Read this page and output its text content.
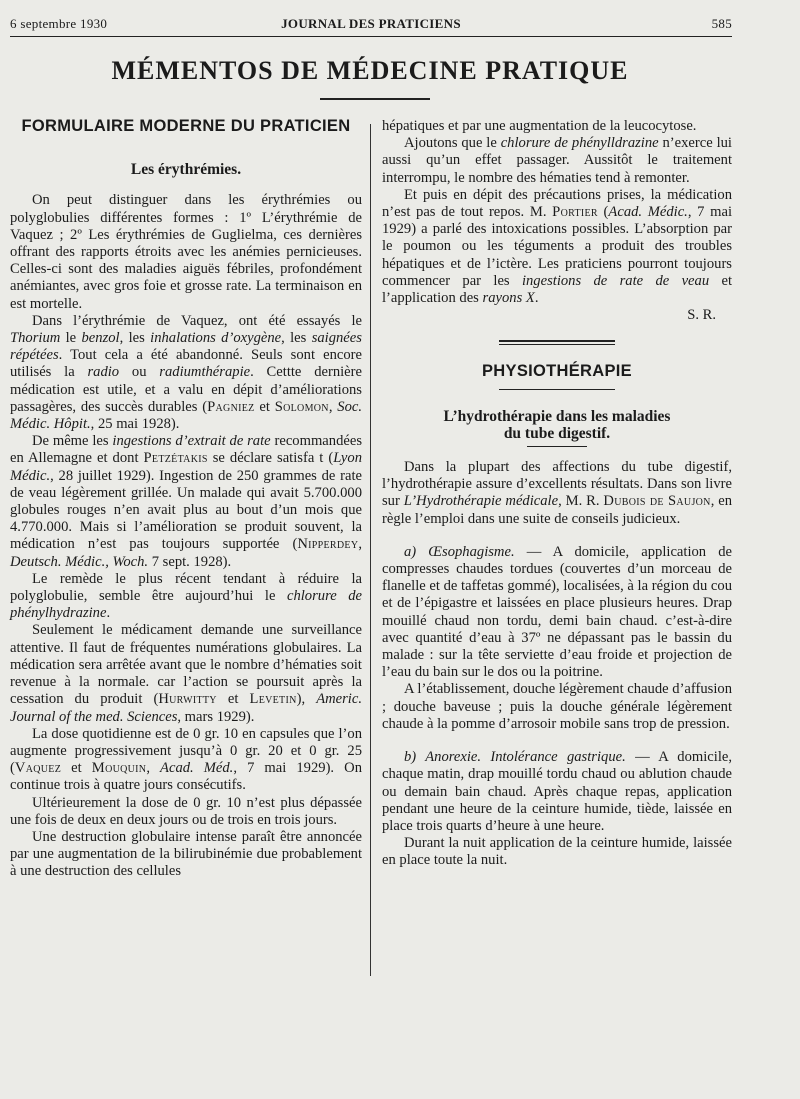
6 septembre 1930	JOURNAL DES PRATICIENS	585
MÉMENTOS DE MÉDECINE PRATIQUE
FORMULAIRE MODERNE DU PRATICIEN
Les érythrémies.

On peut distinguer dans les érythrémies ou polyglobulies différentes formes : 1º L’érythrémie de Vaquez ; 2º Les érythrémies de Guglielma, ces dernières offrant des rapports étroits avec les anémies pernicieuses. Celles-ci sont des maladies aiguës fébriles, profondément anémiantes, avec gros foie et grosse rate. La terminaison en est mortelle.

Dans l’érythrémie de Vaquez, ont été essayés le Thorium le benzol, les inhalations d’oxygène, les saignées répétées. Tout cela a été abandonné. Seuls sont encore utilisés la radio ou radiumthérapie. Cettte dernière médication est utile, et a valu en dépit d’améliorations passagères, des succès durables (Pagniez et Solomon, Soc. Médic. Hôpit., 25 mai 1928).

De même les ingestions d’extrait de rate recommandées en Allemagne et dont Petzétakis se déclare satisfa t (Lyon Médic., 28 juillet 1929). Ingestion de 250 grammes de rate de veau légèrement grillée. Un malade qui avait 5.700.000 globules rouges n’en avait plus au bout d’un mois que 4.770.000. Mais si l’amélioration se produit souvent, la médication n’est pas toujours supportée (Nipperdey, Deutsch. Médic., Woch. 7 sept. 1928).

Le remède le plus récent tendant à réduire la polyglobulie, semble être aujourd’hui le chlorure de phénylhydrazine.

Seulement le médicament demande une surveillance attentive. Il faut de fréquentes numérations globulaires. La médication sera arrêtée avant que le nombre d’hématies soit revenue à la normale. car l’action se poursuit après la cessation du produit (Hurwitty et Levetin), Americ. Journal of the med. Sciences, mars 1929).

La dose quotidienne est de 0 gr. 10 en capsules que l’on augmente progressivement jusqu’à 0 gr. 20 et 0 gr. 25 (Vaquez et Mouquin, Acad. Méd., 7 mai 1929). On continue trois à quatre jours consécutifs.

Ultérieurement la dose de 0 gr. 10 n’est plus dépassée une fois de deux en deux jours ou de trois en trois jours.

Une destruction globulaire intense paraît être annoncée par une augmentation de la bilirubinémie due probablement à une destruction des cellules

hépatiques et par une augmentation de la leucocytose.

Ajoutons que le chlorure de phénylldrazine n’exerce lui aussi qu’un effet passager. Aussitôt le traitement interrompu, le nombre des hématies tend à remonter.

Et puis en dépit des précautions prises, la médication n’est pas de tout repos. M. Portier (Acad. Médic., 7 mai 1929) a parlé des intoxications possibles. L’absorption par le poumon ou les téguments a produit des troubles hépatiques et de l’ictère. Les praticiens pourront toujours commencer par les ingestions de rate de veau et l’application des rayons X.

S. R.

PHYSIOTHÉRAPIE
L’hydrothérapie dans les maladies
du tube digestif.

Dans la plupart des affections du tube digestif, l’hydrothérapie assure d’excellents résultats. Dans son livre sur L’Hydrothérapie médicale, M. R. Dubois de Saujon, en règle l’emploi dans une suite de conseils judicieux.

a) Œsophagisme. — A domicile, application de compresses chaudes tordues (couvertes d’un morceau de flanelle et de taffetas gommé), localisées, à la région du cou et de l’épigastre et laissées en place plusieurs heures. Drap mouillé chaud non tordu, demi bain chaud. c’est-à-dire avec quantité d’eau à 37º ne dépassant pas le bassin du malade : sur la tête serviette d’eau froide et projection de l’eau du bain sur le dos ou la poitrine.

A l’établissement, douche légèrement chaude d’affusion ; douche baveuse ; puis la douche générale légèrement chaude à la pomme d’arrosoir mobile sans trop de pression.

b) Anorexie. Intolérance gastrique. — A domicile, chaque matin, drap mouillé tordu chaud ou ablution chaude ou demain bain chaud. Après chaque repas, application pendant une heure de la ceinture humide, tiède, laissée en place trois quarts d’heure à une heure.

Durant la nuit application de la ceinture humide, laissée en place toute la nuit.
